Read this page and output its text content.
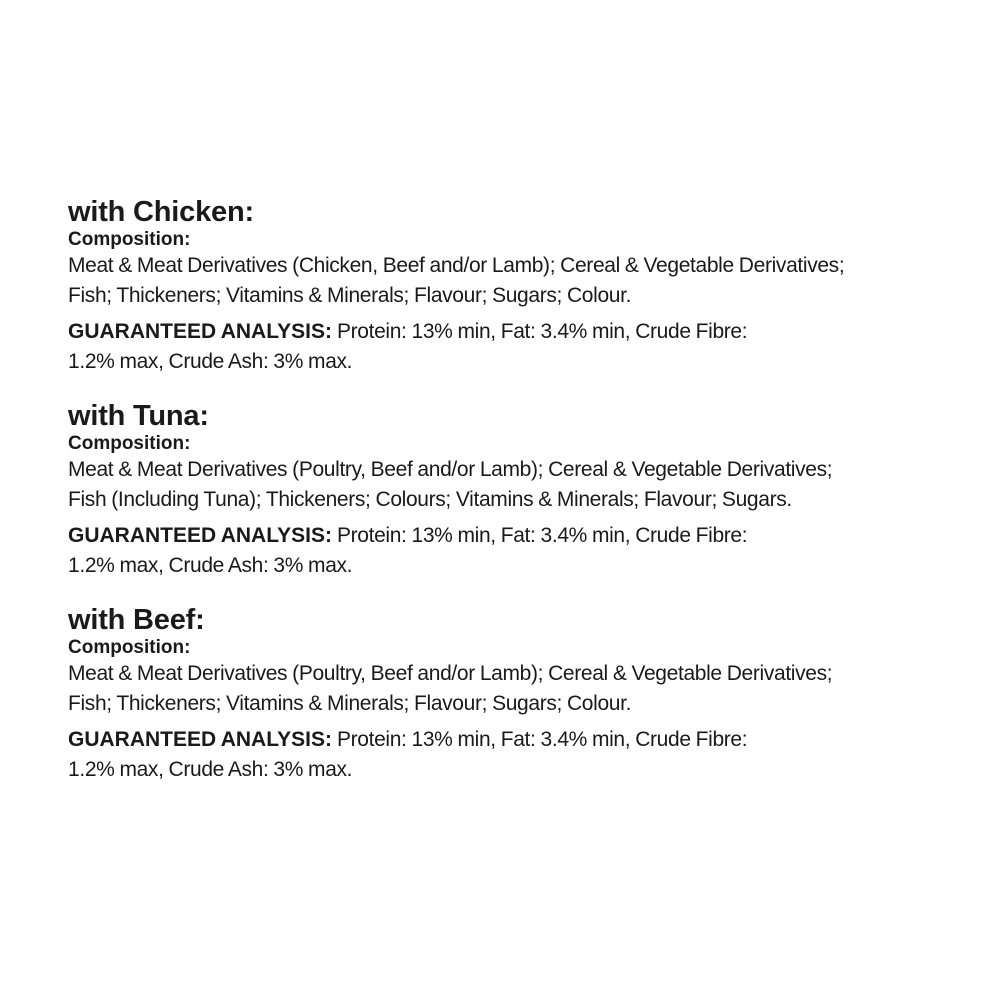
with Chicken:
Composition:
Meat & Meat Derivatives (Chicken, Beef and/or Lamb); Cereal & Vegetable Derivatives;
Fish; Thickeners; Vitamins & Minerals; Flavour; Sugars; Colour.
GUARANTEED ANALYSIS: Protein: 13% min, Fat: 3.4% min, Crude Fibre:
1.2% max, Crude Ash: 3% max.
with Tuna:
Composition:
Meat & Meat Derivatives (Poultry, Beef and/or Lamb); Cereal & Vegetable Derivatives;
Fish (Including Tuna); Thickeners; Colours; Vitamins & Minerals; Flavour; Sugars.
GUARANTEED ANALYSIS: Protein: 13% min, Fat: 3.4% min, Crude Fibre:
1.2% max, Crude Ash: 3% max.
with Beef:
Composition:
Meat & Meat Derivatives (Poultry, Beef and/or Lamb); Cereal & Vegetable Derivatives;
Fish; Thickeners; Vitamins & Minerals; Flavour; Sugars; Colour.
GUARANTEED ANALYSIS: Protein: 13% min, Fat: 3.4% min, Crude Fibre:
1.2% max, Crude Ash: 3% max.
